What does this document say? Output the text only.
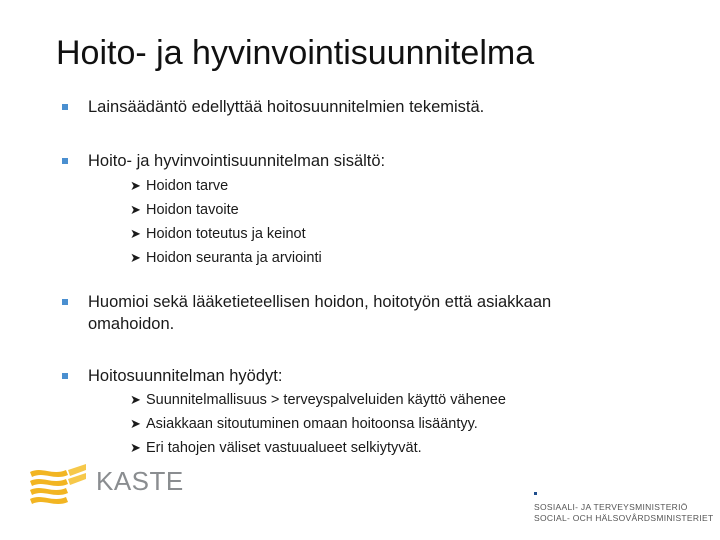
Hoito- ja hyvinvointisuunnitelma
Lainsäädäntö edellyttää hoitosuunnitelmien tekemistä.
Hoito- ja hyvinvointisuunnitelman sisältö:
➤ Hoidon tarve
➤ Hoidon tavoite
➤ Hoidon toteutus ja keinot
➤ Hoidon seuranta ja arviointi
Huomioi sekä lääketieteellisen hoidon, hoitotyön että asiakkaan omahoidon.
Hoitosuunnitelman hyödyt:
➤ Suunnitelmallisuus > terveyspalveluiden käyttö vähenee
➤ Asiakkaan sitoutuminen omaan hoitoonsa lisääntyy.
➤ Eri tahojen väliset vastuualueet selkiytyvät.
KASTE
SOSIAALI- JA TERVEYSMINISTERIÖ
SOCIAL- OCH HÄLSOVÅRDSMINISTERIET
